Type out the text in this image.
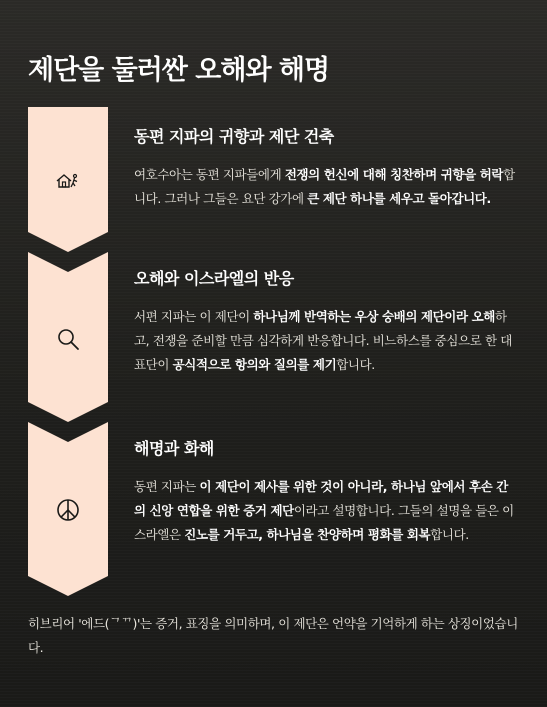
제단을 둘러싼 오해와 해명
동편 지파의 귀향과 제단 건축

여호수아는 동편 지파들에게 전쟁의 헌신에 대해 칭찬하며 귀향을 허락합니다. 그러나 그들은 요단 강가에 큰 제단 하나를 세우고 돌아갑니다.

오해와 이스라엘의 반응

서편 지파는 이 제단이 하나님께 반역하는 우상 숭배의 제단이라 오해하고, 전쟁을 준비할 만큼 심각하게 반응합니다. 비느하스를 중심으로 한 대표단이 공식적으로 항의와 질의를 제기합니다.

해명과 화해

동편 지파는 이 제단이 제사를 위한 것이 아니라, 하나님 앞에서 후손 간의 신앙 연합을 위한 증거 제단이라고 설명합니다. 그들의 설명을 들은 이스라엘은 진노를 거두고, 하나님을 찬양하며 평화를 회복합니다.

히브리어 '에드(ᄀᄁ)'는 증거, 표징을 의미하며, 이 제단은 언약을 기억하게 하는 상징이었습니다.
